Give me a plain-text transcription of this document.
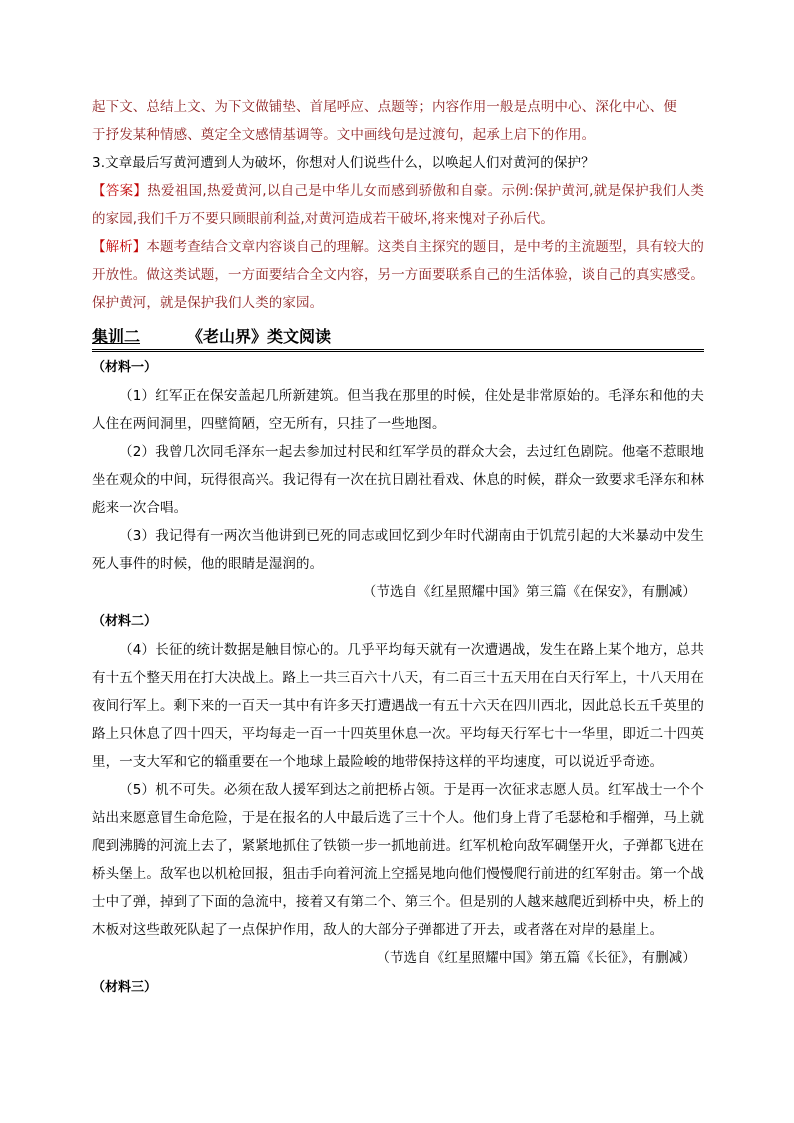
起下文、总结上文、为下文做铺垫、首尾呼应、点题等；内容作用一般是点明中心、深化中心、便

于抒发某种情感、奠定全文感情基调等。文中画线句是过渡句，起承上启下的作用。

3.文章最后写黄河遭到人为破坏，你想对人们说些什么，以唤起人们对黄河的保护？

【答案】热爱祖国,热爱黄河,以自己是中华儿女而感到骄傲和自豪。示例:保护黄河,就是保护我们人类的家园,我们千万不要只顾眼前利益,对黄河造成若干破坏,将来愧对子孙后代。

【解析】本题考查结合文章内容谈自己的理解。这类自主探究的题目，是中考的主流题型，具有较大的开放性。做这类试题，一方面要结合全文内容，另一方面要联系自己的生活体验，谈自己的真实感受。保护黄河，就是保护我们人类的家园。

集训二	《老山界》类文阅读
（材料一）

（1）红军正在保安盖起几所新建筑。但当我在那里的时候，住处是非常原始的。毛泽东和他的夫人住在两间洞里，四壁简陋，空无所有，只挂了一些地图。

（2）我曾几次同毛泽东一起去参加过村民和红军学员的群众大会，去过红色剧院。他毫不惹眼地坐在观众的中间，玩得很高兴。我记得有一次在抗日剧社看戏、休息的时候，群众一致要求毛泽东和林彪来一次合唱。

（3）我记得有一两次当他讲到已死的同志或回忆到少年时代湖南由于饥荒引起的大米暴动中发生死人事件的时候，他的眼睛是湿润的。

（节选自《红星照耀中国》第三篇《在保安》，有删减）

（材料二）

（4）长征的统计数据是触目惊心的。几乎平均每天就有一次遭遇战，发生在路上某个地方，总共有十五个整天用在打大决战上。路上一共三百六十八天，有二百三十五天用在白天行军上，十八天用在夜间行军上。剩下来的一百天一其中有许多天打遭遇战一有五十六天在四川西北，因此总长五千英里的路上只休息了四十四天，平均每走一百一十四英里休息一次。平均每天行军七十一华里，即近二十四英里，一支大军和它的辎重要在一个地球上最险峻的地带保持这样的平均速度，可以说近乎奇迹。

（5）机不可失。必须在敌人援军到达之前把桥占领。于是再一次征求志愿人员。红军战士一个个站出来愿意冒生命危险，于是在报名的人中最后选了三十个人。他们身上背了毛瑟枪和手榴弹，马上就爬到沸腾的河流上去了，紧紧地抓住了铁锁一步一抓地前进。红军机枪向敌军碉堡开火，子弹都飞进在桥头堡上。敌军也以机枪回报，狙击手向着河流上空摇晃地向他们慢慢爬行前进的红军射击。第一个战士中了弹，掉到了下面的急流中，接着又有第二个、第三个。但是别的人越来越爬近到桥中央，桥上的木板对这些敢死队起了一点保护作用，敌人的大部分子弹都进了开去，或者落在对岸的悬崖上。

（节选自《红星照耀中国》第五篇《长征》，有删减）

（材料三）
